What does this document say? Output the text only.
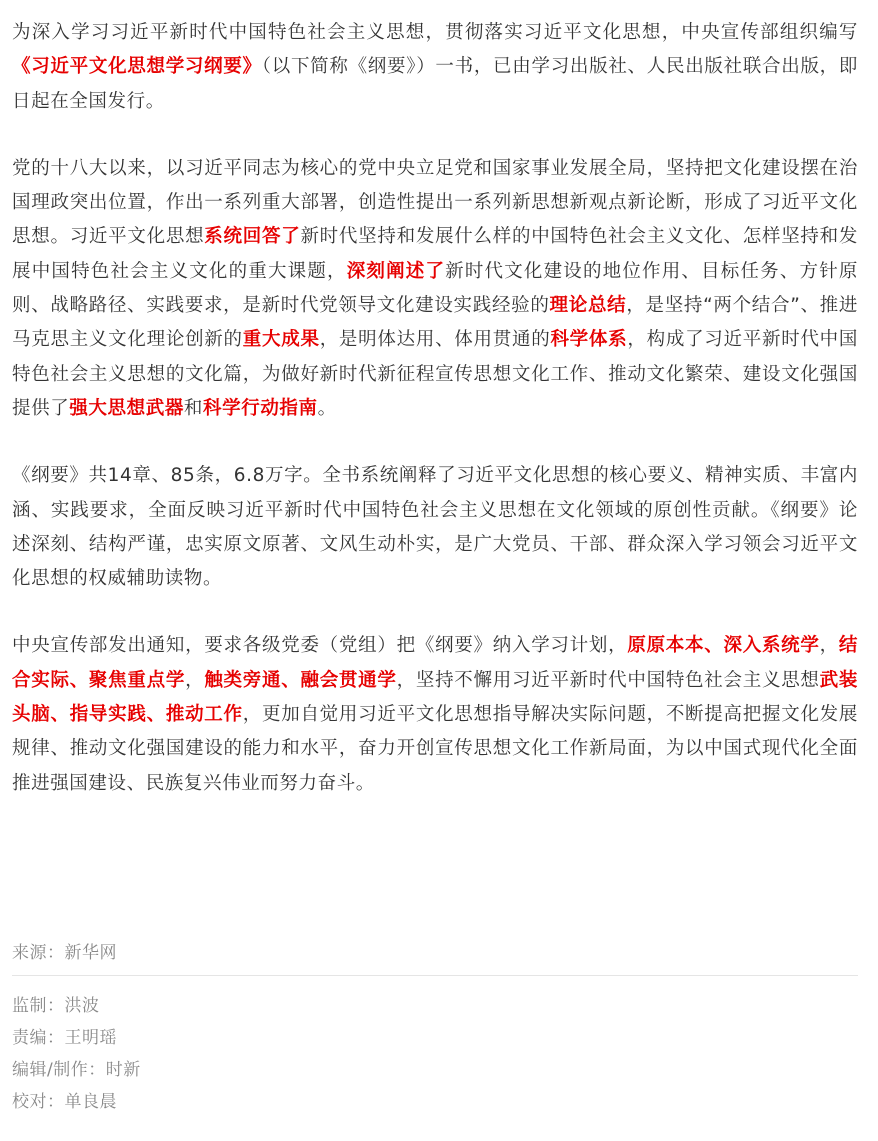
为深入学习习近平新时代中国特色社会主义思想，贯彻落实习近平文化思想，中央宣传部组织编写《习近平文化思想学习纲要》（以下简称《纲要》）一书，已由学习出版社、人民出版社联合出版，即日起在全国发行。

党的十八大以来，以习近平同志为核心的党中央立足党和国家事业发展全局，坚持把文化建设摆在治国理政突出位置，作出一系列重大部署，创造性提出一系列新思想新观点新论断，形成了习近平文化思想。习近平文化思想系统回答了新时代坚持和发展什么样的中国特色社会主义文化、怎样坚持和发展中国特色社会主义文化的重大课题，深刻阐述了新时代文化建设的地位作用、目标任务、方针原则、战略路径、实践要求，是新时代党领导文化建设实践经验的理论总结，是坚持“两个结合”、推进马克思主义文化理论创新的重大成果，是明体达用、体用贯通的科学体系，构成了习近平新时代中国特色社会主义思想的文化篇，为做好新时代新征程宣传思想文化工作、推动文化繁荣、建设文化强国提供了强大思想武器和科学行动指南。

《纲要》共14章、85条，6.8万字。全书系统阐释了习近平文化思想的核心要义、精神实质、丰富内涵、实践要求，全面反映习近平新时代中国特色社会主义思想在文化领域的原创性贡献。《纲要》论述深刻、结构严谨，忠实原文原著、文风生动朴实，是广大党员、干部、群众深入学习领会习近平文化思想的权威辅助读物。

中央宣传部发出通知，要求各级党委（党组）把《纲要》纳入学习计划，原原本本、深入系统学，结合实际、聚焦重点学，触类旁通、融会贯通学，坚持不懈用习近平新时代中国特色社会主义思想武装头脑、指导实践、推动工作，更加自觉用习近平文化思想指导解决实际问题，不断提高把握文化发展规律、推动文化强国建设的能力和水平，奋力开创宣传思想文化工作新局面，为以中国式现代化全面推进强国建设、民族复兴伟业而努力奋斗。

来源：新华网
监制：洪波
责编：王明瑶
编辑/制作：时新
校对：单良晨
